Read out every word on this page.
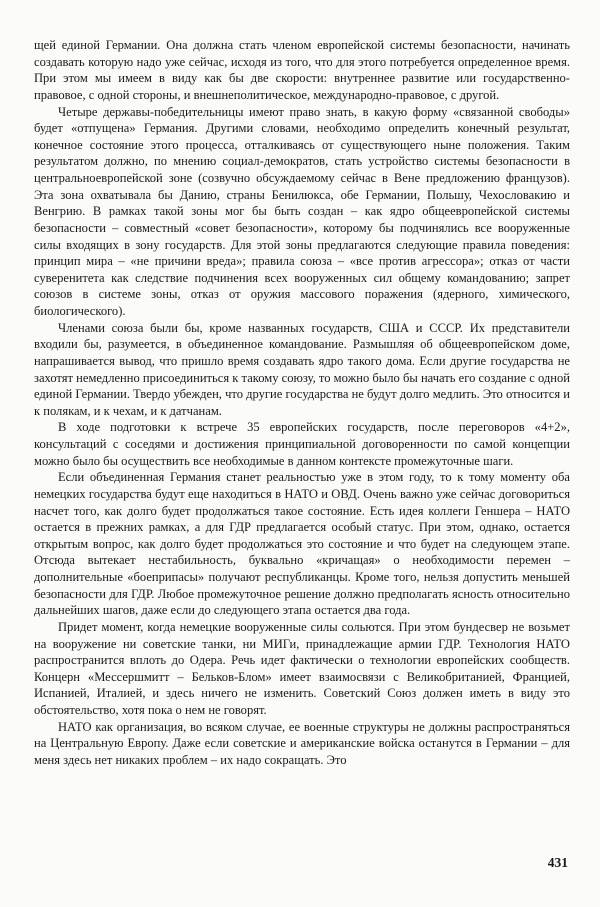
щей единой Германии. Она должна стать членом европейской системы безопасности, начинать создавать которую надо уже сейчас, исходя из того, что для этого потребуется определенное время. При этом мы имеем в виду как бы две скорости: внутреннее развитие или государственно-правовое, с одной стороны, и внешнеполитическое, международно-правовое, с другой.

Четыре державы-победительницы имеют право знать, в какую форму «связанной свободы» будет «отпущена» Германия. Другими словами, необходимо определить конечный результат, конечное состояние этого процесса, отталкиваясь от существующего ныне положения. Таким результатом должно, по мнению социал-демократов, стать устройство системы безопасности в центральноевропейской зоне (созвучно обсуждаемому сейчас в Вене предложению французов). Эта зона охватывала бы Данию, страны Бенилюкса, обе Германии, Польшу, Чехословакию и Венгрию. В рамках такой зоны мог бы быть создан – как ядро общеевропейской системы безопасности – совместный «совет безопасности», которому бы подчинялись все вооруженные силы входящих в зону государств. Для этой зоны предлагаются следующие правила поведения: принцип мира – «не причини вреда»; правила союза – «все против агрессора»; отказ от части суверенитета как следствие подчинения всех вооруженных сил общему командованию; запрет союзов в системе зоны, отказ от оружия массового поражения (ядерного, химического, биологического).

Членами союза были бы, кроме названных государств, США и СССР. Их представители входили бы, разумеется, в объединенное командование. Размышляя об общеевропейском доме, напрашивается вывод, что пришло время создавать ядро такого дома. Если другие государства не захотят немедленно присоединиться к такому союзу, то можно было бы начать его создание с одной единой Германии. Твердо убежден, что другие государства не будут долго медлить. Это относится и к полякам, и к чехам, и к датчанам.

В ходе подготовки к встрече 35 европейских государств, после переговоров «4+2», консультаций с соседями и достижения принципиальной договоренности по самой концепции можно было бы осуществить все необходимые в данном контексте промежуточные шаги.

Если объединенная Германия станет реальностью уже в этом году, то к тому моменту оба немецких государства будут еще находиться в НАТО и ОВД. Очень важно уже сейчас договориться насчет того, как долго будет продолжаться такое состояние. Есть идея коллеги Геншера – НАТО остается в прежних рамках, а для ГДР предлагается особый статус. При этом, однако, остается открытым вопрос, как долго будет продолжаться это состояние и что будет на следующем этапе. Отсюда вытекает нестабильность, буквально «кричащая» о необходимости перемен – дополнительные «боеприпасы» получают республиканцы. Кроме того, нельзя допустить меньшей безопасности для ГДР. Любое промежуточное решение должно предполагать ясность относительно дальнейших шагов, даже если до следующего этапа остается два года.

Придет момент, когда немецкие вооруженные силы сольются. При этом бундесвер не возьмет на вооружение ни советские танки, ни МИГи, принадлежащие армии ГДР. Технология НАТО распространится вплоть до Одера. Речь идет фактически о технологии европейских сообществ. Концерн «Мессершмитт – Бельков-Блом» имеет взаимосвязи с Великобританией, Францией, Испанией, Италией, и здесь ничего не изменить. Советский Союз должен иметь в виду это обстоятельство, хотя пока о нем не говорят.

НАТО как организация, во всяком случае, ее военные структуры не должны распространяться на Центральную Европу. Даже если советские и американские войска останутся в Германии – для меня здесь нет никаких проблем – их надо сокращать. Это

431
